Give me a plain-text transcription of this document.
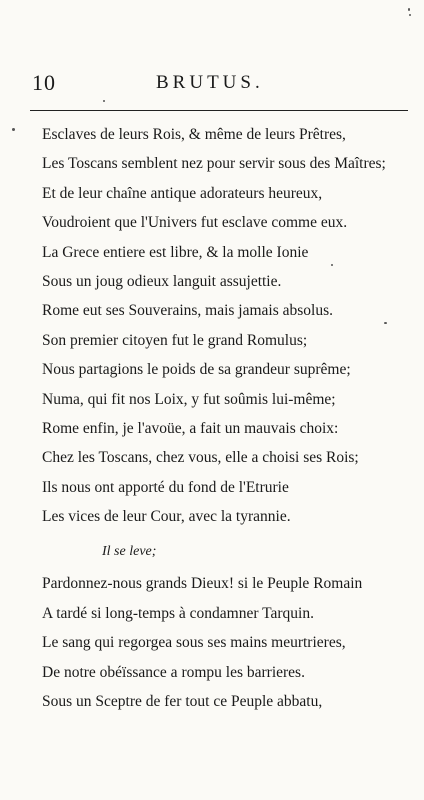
10	BRUTUS.
Esclaves de leurs Rois, & même de leurs Prêtres,
Les Toscans semblent nez pour servir sous des Maîtres;
Et de leur chaîne antique adorateurs heureux,
Voudroient que l'Univers fut esclave comme eux.
La Grece entiere est libre, & la molle Ionie
Sous un joug odieux languit assujettie.
Rome eut ses Souverains, mais jamais absolus.
Son premier citoyen fut le grand Romulus;
Nous partagions le poids de sa grandeur suprême;
Numa, qui fit nos Loix, y fut soûmis lui-même;
Rome enfin, je l'avoüe, a fait un mauvais choix:
Chez les Toscans, chez vous, elle a choisi ses Rois;
Ils nous ont apporté du fond de l'Etrurie
Les vices de leur Cour, avec la tyrannie.
Il se leve;
Pardonnez-nous grands Dieux! si le Peuple Romain
A tardé si long-temps à condamner Tarquin.
Le sang qui regorgea sous ses mains meurtrieres,
De notre obéïssance a rompu les barrieres.
Sous un Sceptre de fer tout ce Peuple abbatu,
